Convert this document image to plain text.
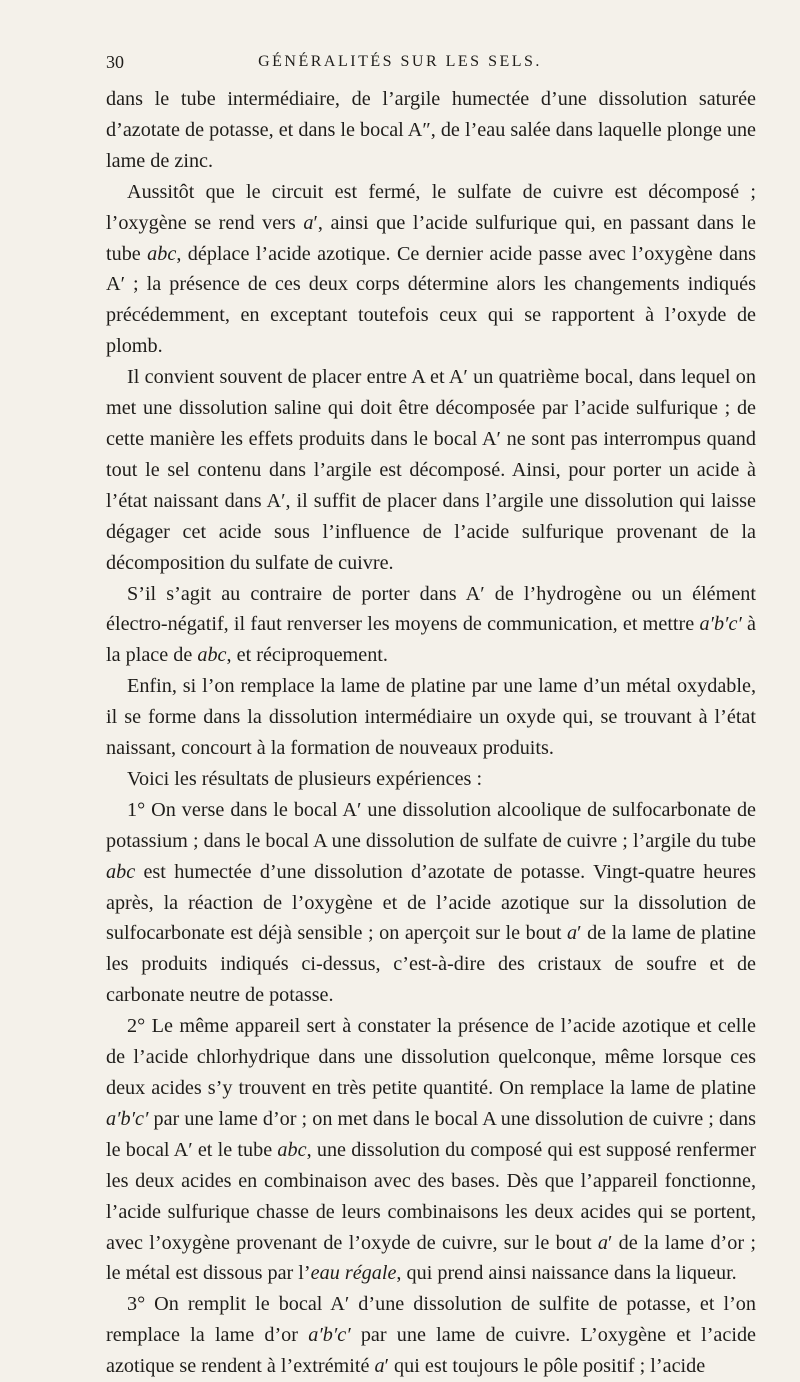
30	GÉNÉRALITÉS SUR LES SELS.

dans le tube intermédiaire, de l’argile humectée d’une dissolution saturée d’azotate de potasse, et dans le bocal A″, de l’eau salée dans laquelle plonge une lame de zinc.

Aussitôt que le circuit est fermé, le sulfate de cuivre est décomposé ; l’oxygène se rend vers a′, ainsi que l’acide sulfurique qui, en passant dans le tube abc, déplace l’acide azotique. Ce dernier acide passe avec l’oxygène dans A′ ; la présence de ces deux corps détermine alors les changements indiqués précédemment, en exceptant toutefois ceux qui se rapportent à l’oxyde de plomb.

Il convient souvent de placer entre A et A′ un quatrième bocal, dans lequel on met une dissolution saline qui doit être décomposée par l’acide sulfurique ; de cette manière les effets produits dans le bocal A′ ne sont pas interrompus quand tout le sel contenu dans l’argile est décomposé. Ainsi, pour porter un acide à l’état naissant dans A′, il suffit de placer dans l’argile une dissolution qui laisse dégager cet acide sous l’influence de l’acide sulfurique provenant de la décomposition du sulfate de cuivre.

S’il s’agit au contraire de porter dans A′ de l’hydrogène ou un élément électro-négatif, il faut renverser les moyens de communication, et mettre a′b′c′ à la place de abc, et réciproquement.

Enfin, si l’on remplace la lame de platine par une lame d’un métal oxydable, il se forme dans la dissolution intermédiaire un oxyde qui, se trouvant à l’état naissant, concourt à la formation de nouveaux produits.

Voici les résultats de plusieurs expériences :

1° On verse dans le bocal A′ une dissolution alcoolique de sulfocarbonate de potassium ; dans le bocal A une dissolution de sulfate de cuivre ; l’argile du tube abc est humectée d’une dissolution d’azotate de potasse. Vingt-quatre heures après, la réaction de l’oxygène et de l’acide azotique sur la dissolution de sulfocarbonate est déjà sensible ; on aperçoit sur le bout a′ de la lame de platine les produits indiqués ci-dessus, c’est-à-dire des cristaux de soufre et de carbonate neutre de potasse.

2° Le même appareil sert à constater la présence de l’acide azotique et celle de l’acide chlorhydrique dans une dissolution quelconque, même lorsque ces deux acides s’y trouvent en très petite quantité. On remplace la lame de platine a′b′c′ par une lame d’or ; on met dans le bocal A une dissolution de cuivre ; dans le bocal A′ et le tube abc, une dissolution du composé qui est supposé renfermer les deux acides en combinaison avec des bases. Dès que l’appareil fonctionne, l’acide sulfurique chasse de leurs combinaisons les deux acides qui se portent, avec l’oxygène provenant de l’oxyde de cuivre, sur le bout a′ de la lame d’or ; le métal est dissous par l’eau régale, qui prend ainsi naissance dans la liqueur.

3° On remplit le bocal A′ d’une dissolution de sulfite de potasse, et l’on remplace la lame d’or a′b′c′ par une lame de cuivre. L’oxygène et l’acide azotique se rendent à l’extrémité a′ qui est toujours le pôle positif ; l’acide
